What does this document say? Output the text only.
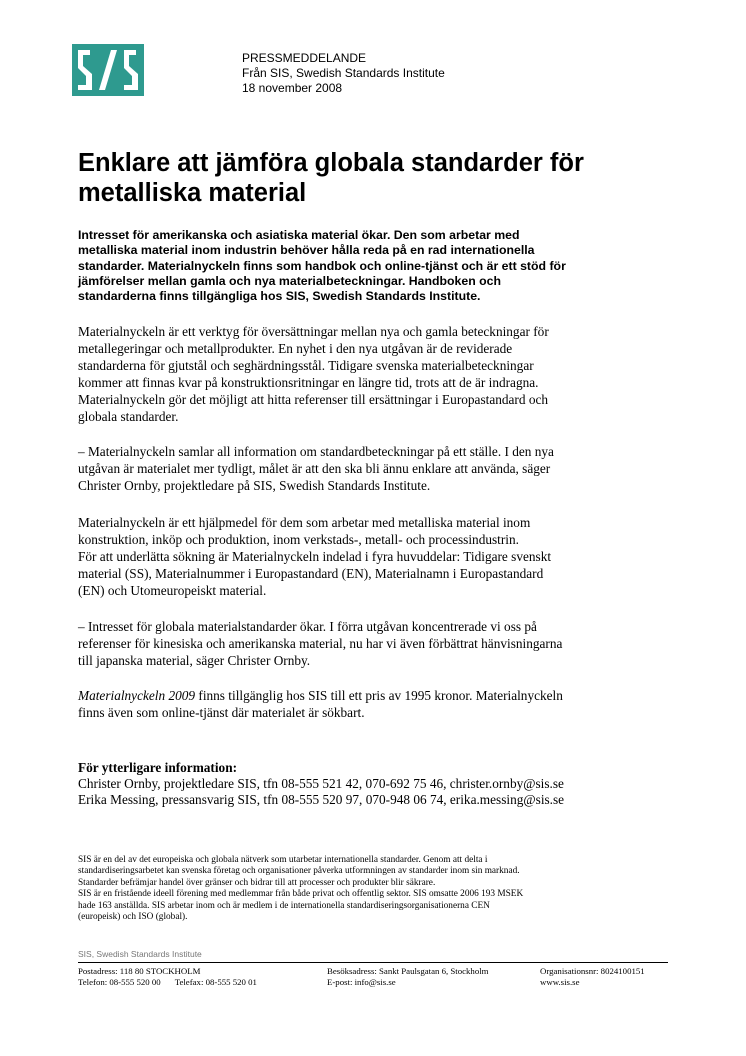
PRESSMEDDELANDE
Från SIS, Swedish Standards Institute
18 november 2008
Enklare att jämföra globala standarder för
metalliska material
Intresset för amerikanska och asiatiska material ökar. Den som arbetar med
metalliska material inom industrin behöver hålla reda på en rad internationella
standarder. Materialnyckeln finns som handbok och online-tjänst och är ett stöd för
jämförelser mellan gamla och nya materialbeteckningar. Handboken och
standarderna finns tillgängliga hos SIS, Swedish Standards Institute.
Materialnyckeln är ett verktyg för översättningar mellan nya och gamla beteckningar för
metallegeringar och metallprodukter. En nyhet i den nya utgåvan är de reviderade
standarderna för gjutstål och seghärdningsstål. Tidigare svenska materialbeteckningar
kommer att finnas kvar på konstruktionsritningar en längre tid, trots att de är indragna.
Materialnyckeln gör det möjligt att hitta referenser till ersättningar i Europastandard och
globala standarder.
– Materialnyckeln samlar all information om standardbeteckningar på ett ställe. I den nya
utgåvan är materialet mer tydligt, målet är att den ska bli ännu enklare att använda, säger
Christer Ornby, projektledare på SIS, Swedish Standards Institute.
Materialnyckeln är ett hjälpmedel för dem som arbetar med metalliska material inom
konstruktion, inköp och produktion, inom verkstads-, metall- och processindustrin.
För att underlätta sökning är Materialnyckeln indelad i fyra huvuddelar: Tidigare svenskt
material (SS), Materialnummer i Europastandard (EN), Materialnamn i Europastandard
(EN) och Utomeuropeiskt material.
– Intresset för globala materialstandarder ökar. I förra utgåvan koncentrerade vi oss på
referenser för kinesiska och amerikanska material, nu har vi även förbättrat hänvisningarna
till japanska material, säger Christer Ornby.
Materialnyckeln 2009 finns tillgänglig hos SIS till ett pris av 1995 kronor. Materialnyckeln
finns även som online-tjänst där materialet är sökbart.
För ytterligare information:
Christer Ornby, projektledare SIS, tfn 08-555 521 42, 070-692 75 46, christer.ornby@sis.se
Erika Messing, pressansvarig SIS, tfn 08-555 520 97, 070-948 06 74, erika.messing@sis.se
SIS är en del av det europeiska och globala nätverk som utarbetar internationella standarder. Genom att delta i
standardiseringsarbetet kan svenska företag och organisationer påverka utformningen av standarder inom sin marknad.
Standarder befrämjar handel över gränser och bidrar till att processer och produkter blir säkrare.
SIS är en fristående ideell förening med medlemmar från både privat och offentlig sektor. SIS omsatte 2006 193 MSEK
hade 163 anställda. SIS arbetar inom och är medlem i de internationella standardiseringsorganisationerna CEN
(europeisk) och ISO (global).
SIS, Swedish Standards Institute
Postadress: 118 80 STOCKHOLM
Telefon: 08-555 520 00 Telefax: 08-555 520 01
Besöksadress: Sankt Paulsgatan 6, Stockholm
E-post: info@sis.se
Organisationsnr: 8024100151
www.sis.se
